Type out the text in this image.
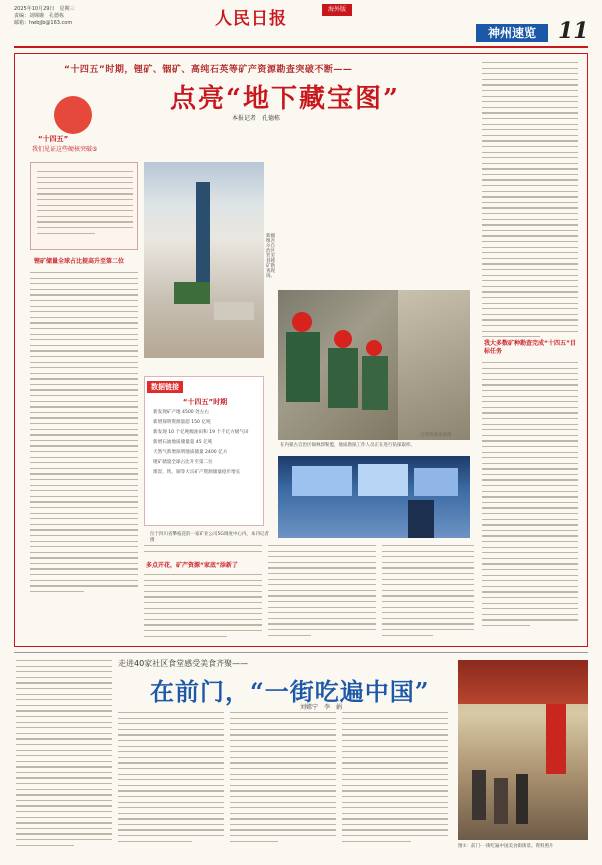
2025年10月29日　星期三
责编：刘嫦娥　孔德栋
邮箱：hwbjjb@163.com	人民日报	海外版
神州速览	11
“十四五”时期，锂矿、铟矿、高纯石英等矿产资源勘查突破不断——
点亮“地下藏宝图”
本报记者　孔德栋
“十四五”
我们见证这些硬核突破⑤
锂矿储量全球占比提高升至第二位
新疆维吾尔自治区若羌县锂矿勘查现场。
在内蒙古自治区锡林郭勒盟，地质勘探工作人员正在进行钻探取样。
自然资源部供图
数据链接
“十四五”时期
新发现矿产地 4500 处左右
新增探明资源量超 150 亿吨
新发现 10 个亿吨级油田和 19 个千亿方级气田
新增石油地质储量超 45 亿吨
天然气新增探明地质储量 2400 亿方
锂矿储量全球占比升至第二位
煤炭、铁、铜等大宗矿产资源储量稳步增长
位于四川省攀枝花的一家矿业公司5G调度中心内。本刊记者摄
多点开花，矿产资源“家底”添新了
我大多数矿种勘查完成“十四五”目标任务
走进40家社区食堂感受美食齐聚——
在前门，“一街吃遍中国”
刘嫦宁　李　娟
图①：前门·一街吃遍中国美食街街景。资料照片
